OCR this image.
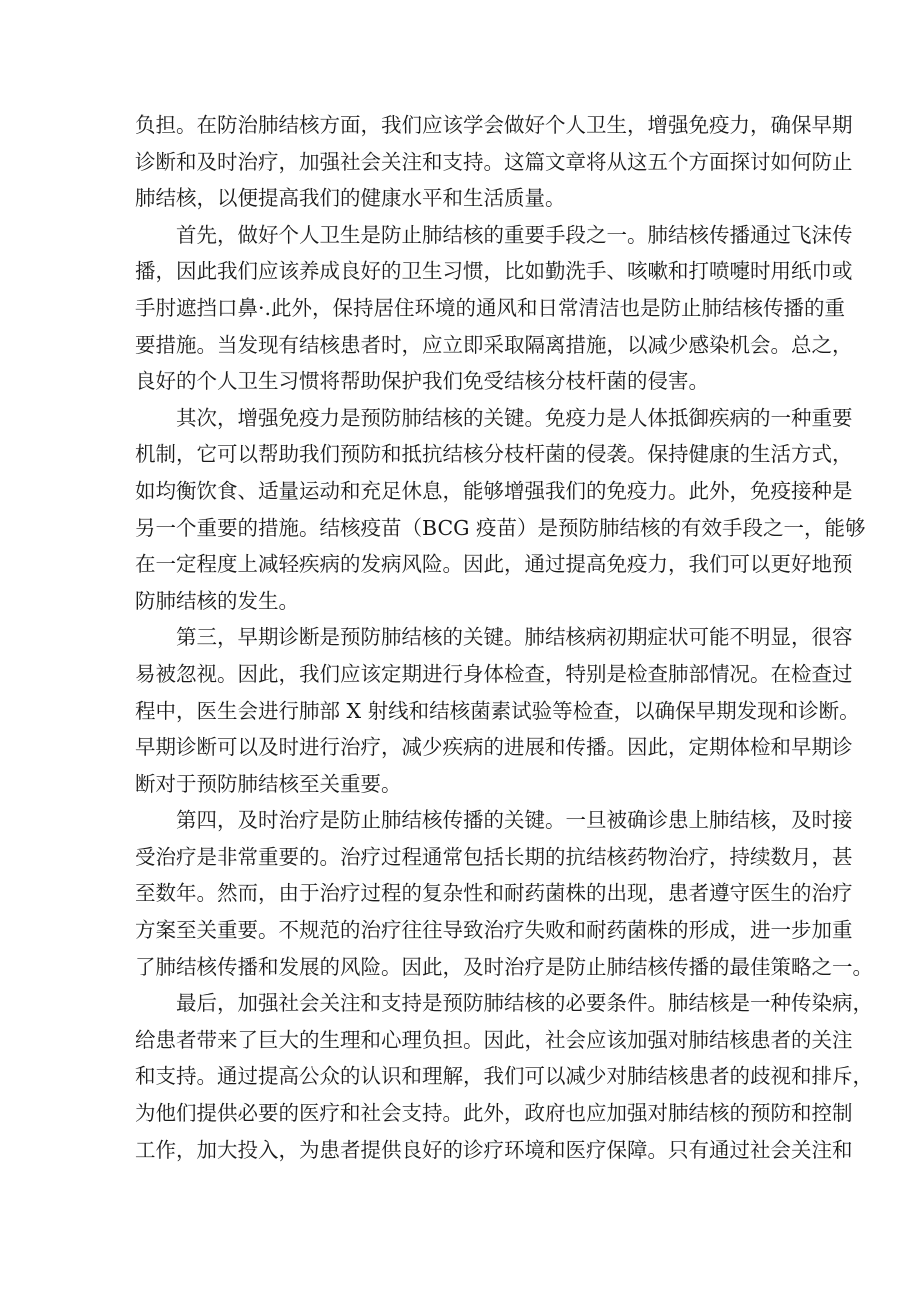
负担。在防治肺结核方面，我们应该学会做好个人卫生，增强免疫力，确保早期
诊断和及时治疗，加强社会关注和支持。这篇文章将从这五个方面探讨如何防止
肺结核，以便提高我们的健康水平和生活质量。
首先，做好个人卫生是防止肺结核的重要手段之一。肺结核传播通过飞沫传
播，因此我们应该养成良好的卫生习惯，比如勤洗手、咳嗽和打喷嚏时用纸巾或
手肘遮挡口鼻·.此外，保持居住环境的通风和日常清洁也是防止肺结核传播的重
要措施。当发现有结核患者时，应立即采取隔离措施，以减少感染机会。总之，
良好的个人卫生习惯将帮助保护我们免受结核分枝杆菌的侵害。
其次，增强免疫力是预防肺结核的关键。免疫力是人体抵御疾病的一种重要
机制，它可以帮助我们预防和抵抗结核分枝杆菌的侵袭。保持健康的生活方式，
如均衡饮食、适量运动和充足休息，能够增强我们的免疫力。此外，免疫接种是
另一个重要的措施。结核疫苗（BCG 疫苗）是预防肺结核的有效手段之一，能够
在一定程度上减轻疾病的发病风险。因此，通过提高免疫力，我们可以更好地预
防肺结核的发生。
第三，早期诊断是预防肺结核的关键。肺结核病初期症状可能不明显，很容
易被忽视。因此，我们应该定期进行身体检查，特别是检查肺部情况。在检查过
程中，医生会进行肺部 X 射线和结核菌素试验等检查，以确保早期发现和诊断。
早期诊断可以及时进行治疗，减少疾病的进展和传播。因此，定期体检和早期诊
断对于预防肺结核至关重要。
第四，及时治疗是防止肺结核传播的关键。一旦被确诊患上肺结核，及时接
受治疗是非常重要的。治疗过程通常包括长期的抗结核药物治疗，持续数月，甚
至数年。然而，由于治疗过程的复杂性和耐药菌株的出现，患者遵守医生的治疗
方案至关重要。不规范的治疗往往导致治疗失败和耐药菌株的形成，进一步加重
了肺结核传播和发展的风险。因此，及时治疗是防止肺结核传播的最佳策略之一。
最后，加强社会关注和支持是预防肺结核的必要条件。肺结核是一种传染病，
给患者带来了巨大的生理和心理负担。因此，社会应该加强对肺结核患者的关注
和支持。通过提高公众的认识和理解，我们可以减少对肺结核患者的歧视和排斥，
为他们提供必要的医疗和社会支持。此外，政府也应加强对肺结核的预防和控制
工作，加大投入，为患者提供良好的诊疗环境和医疗保障。只有通过社会关注和
